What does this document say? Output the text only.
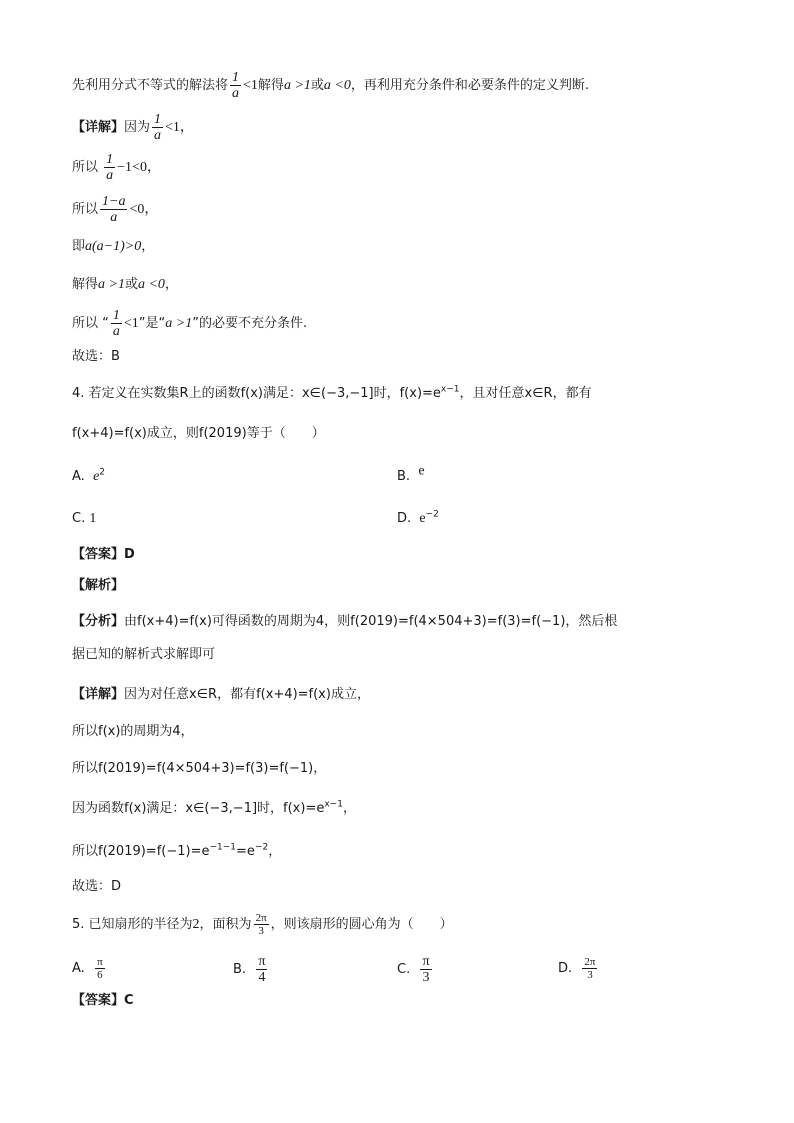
先利用分式不等式的解法将 $\frac{1}{a} <1$解得a >1或a <0，再利用充分条件和必要条件的定义判断.
【详解】因为 $\frac{1}{a} <1$，
所以 $\frac{1}{a} -1<0$，
所以 $\frac{1-a}{a} <0$，
即a(a−1)>0，
解得a >1或a <0，
所以 “ $\frac{1}{a} <1$”是“a >1”的必要不充分条件.
故选：B
4. 若定义在实数集R上的函数f(x)满足：x∈(−3,−1]时，$f(x)=e^{x-1}$，且对任意x∈R，都有
f(x+4)=f(x)成立，则f(2019)等于（　　）
A. $e^2$	B. $^e$
C. 1	D. $e^{-2}$
【答案】D
【解析】
【分析】由f(x+4)=f(x)可得函数的周期为4，则f(2019)=f(4×504+3)=f(3)=f(−1)，然后根
据已知的解析式求解即可
【详解】因为对任意x∈R，都有f(x+4)=f(x)成立，
所以f(x)的周期为4，
所以f(2019)=f(4×504+3)=f(3)=f(−1)，
因为函数f(x)满足：x∈(−3,−1]时，$f(x)=e^{x-1}$，
所以$f(2019)=f(-1)=e^{-1-1}=e^{-2}$，
故选：D
5. 已知扇形的半径为2，面积为 $\frac{2\pi}{3}$ ，则该扇形的圆心角为（　　）
A. $\frac{\pi}{6}$	B. $\frac{\pi}{4}$	C. $\frac{\pi}{3}$	D. $\frac{2\pi}{3}$
【答案】C
